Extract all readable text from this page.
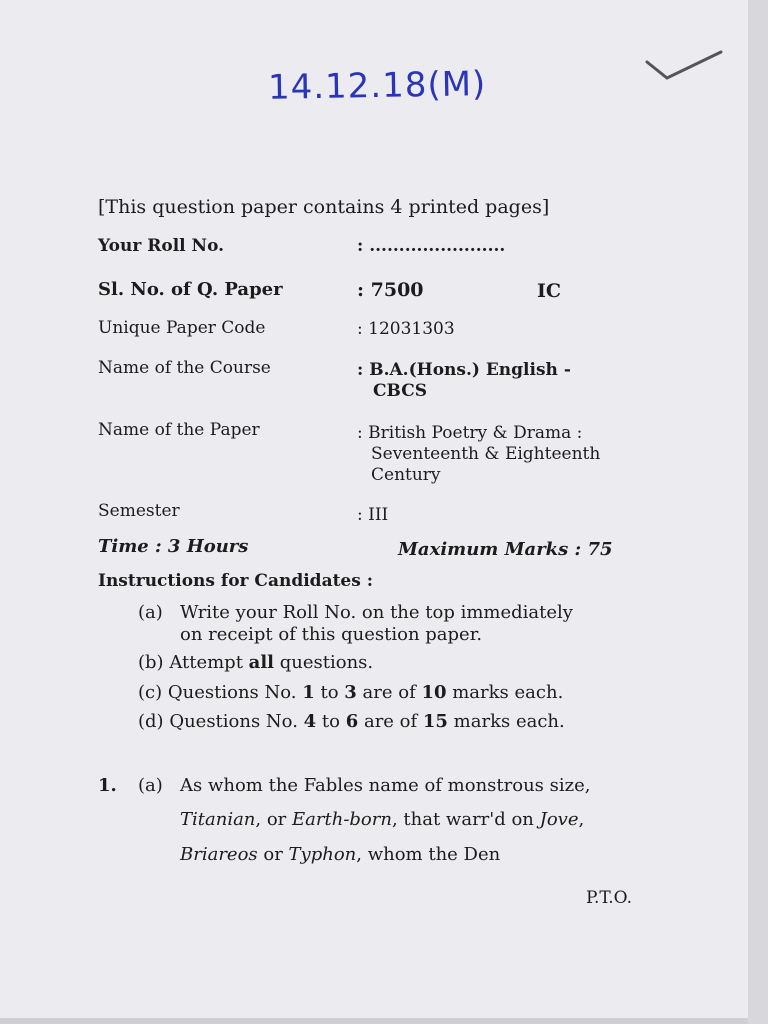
14.12.18(M)
[This question paper contains 4 printed pages]
Your Roll No.	: .......................
Sl. No. of Q. Paper	: 7500	IC
Unique Paper Code	: 12031303
Name of the Course	: B.A.(Hons.) English -
CBCS
Name of the Paper	: British Poetry & Drama :
Seventeenth & Eighteenth
Century
Semester	: III
Time : 3 Hours	Maximum Marks : 75
Instructions for Candidates :
(a) Write your Roll No. on the top immediately
on receipt of this question paper.
(b) Attempt all questions.
(c) Questions No. 1 to 3 are of 10 marks each.
(d) Questions No. 4 to 6 are of 15 marks each.
1. (a) As whom the Fables name of monstrous size,
Titanian, or Earth-born, that warr'd on Jove,
Briareos or Typhon, whom the Den
P.T.O.
